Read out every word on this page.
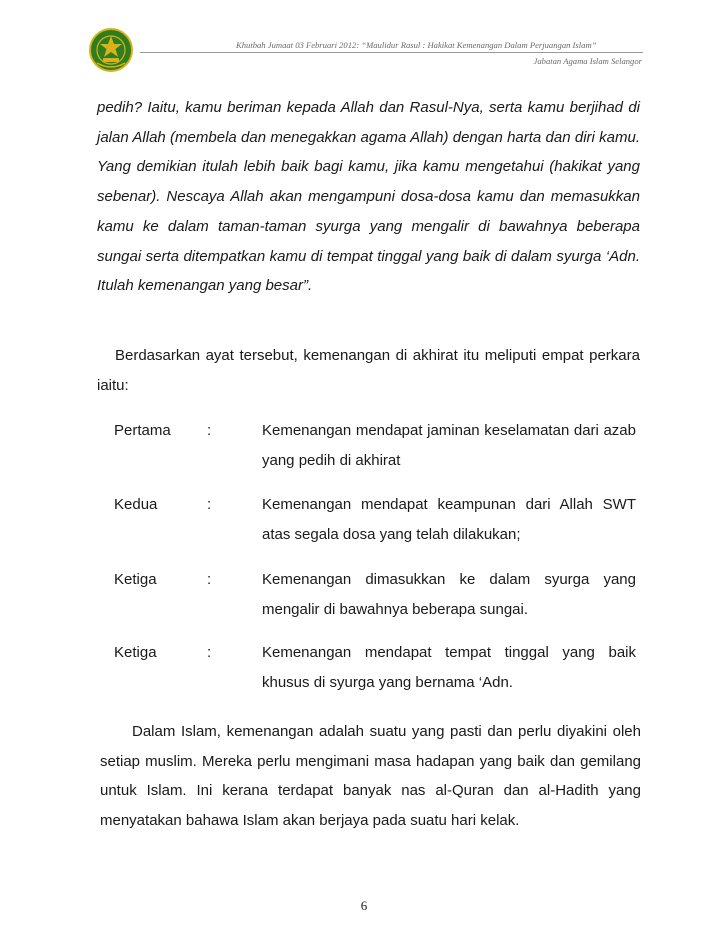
Khutbah Jumaat 03 Februari 2012: “Maulidur Rasul : Hakikat Kemenangan Dalam Perjuangan Islam”
Jabatan Agama Islam Selangor

pedih? Iaitu, kamu beriman kepada Allah dan Rasul-Nya, serta kamu berjihad di jalan Allah (membela dan menegakkan agama Allah) dengan harta dan diri kamu. Yang demikian itulah lebih baik bagi kamu, jika kamu mengetahui (hakikat yang sebenar). Nescaya Allah akan mengampuni dosa-dosa kamu dan memasukkan kamu ke dalam taman-taman syurga yang mengalir di bawahnya beberapa sungai serta ditempatkan kamu di tempat tinggal yang baik di dalam syurga ‘Adn. Itulah kemenangan yang besar”.

Berdasarkan ayat tersebut, kemenangan di akhirat itu meliputi empat perkara iaitu:

Pertama :	Kemenangan mendapat jaminan keselamatan dari azab yang pedih di akhirat
Kedua	:	Kemenangan mendapat keampunan dari Allah SWT atas segala dosa yang telah dilakukan;
Ketiga	:	Kemenangan dimasukkan ke dalam syurga yang mengalir di bawahnya beberapa sungai.
Ketiga	:	Kemenangan mendapat tempat tinggal yang baik khusus di syurga yang bernama ‘Adn.

Dalam Islam, kemenangan adalah suatu yang pasti dan perlu diyakini oleh setiap muslim. Mereka perlu mengimani masa hadapan yang baik dan gemilang untuk Islam. Ini kerana terdapat banyak nas al-Quran dan al-Hadith yang menyatakan bahawa Islam akan berjaya pada suatu hari kelak.

6
